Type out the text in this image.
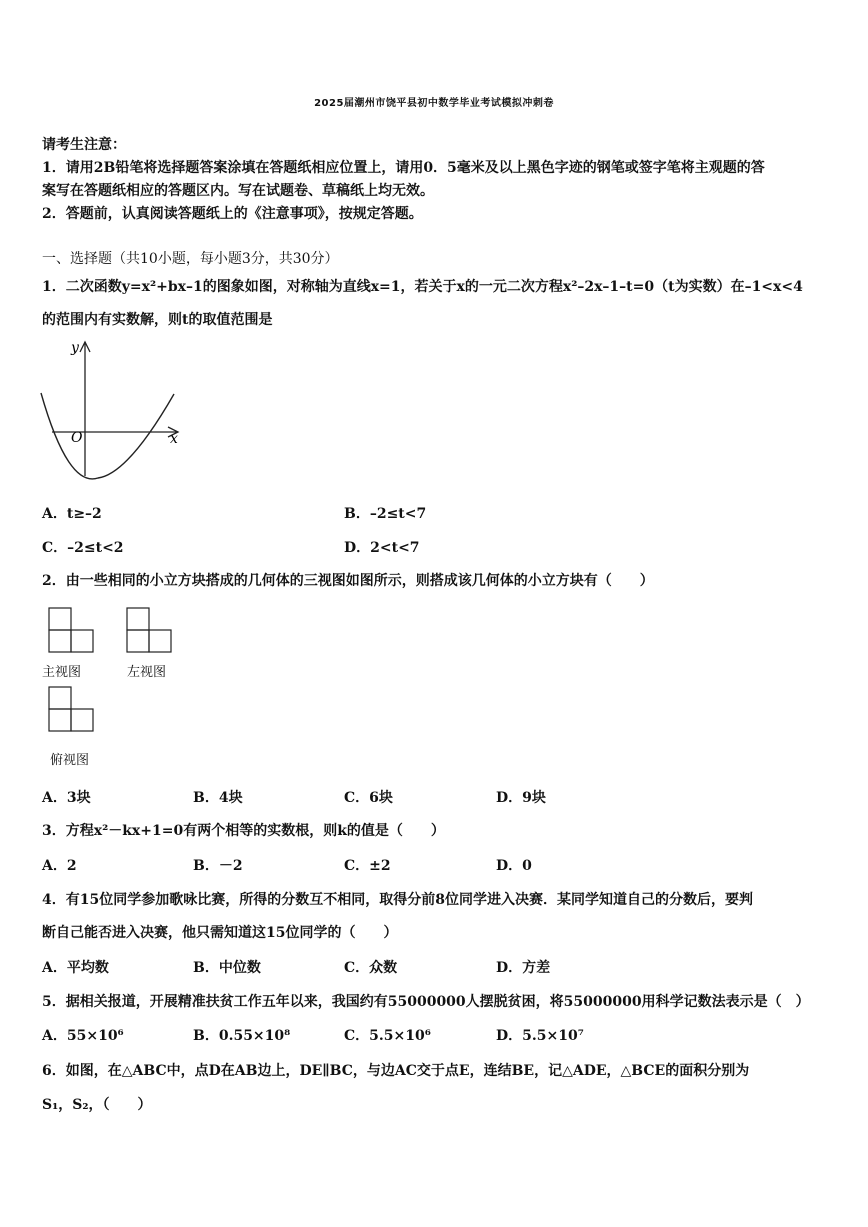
2025届潮州市饶平县初中数学毕业考试模拟冲刺卷
请考生注意：
1．请用2B铅笔将选择题答案涂填在答题纸相应位置上，请用0．5毫米及以上黑色字迹的钢笔或签字笔将主观题的答
案写在答题纸相应的答题区内。写在试题卷、草稿纸上均无效。
2．答题前，认真阅读答题纸上的《注意事项》，按规定答题。
一、选择题（共10小题，每小题3分，共30分）
1．二次函数y=x²+bx–1的图象如图，对称轴为直线x=1，若关于x的一元二次方程x²–2x–1–t=0（t为实数）在–1<x<4
的范围内有实数解，则t的取值范围是
y
x
O
A．t≥–2	B．–2≤t<7
C．–2≤t<2	D．2<t<7
2．由一些相同的小立方块搭成的几何体的三视图如图所示，则搭成该几何体的小立方块有（　　）
主视图	左视图
俯视图
A．3块	B．4块	C．6块	D．9块
3．方程x²－kx+1=0有两个相等的实数根，则k的值是（　　）
A．2	B．－2	C．±2	D．0
4．有15位同学参加歌咏比赛，所得的分数互不相同，取得分前8位同学进入决赛．某同学知道自己的分数后，要判
断自己能否进入决赛，他只需知道这15位同学的（　　）
A．平均数	B．中位数	C．众数	D．方差
5．据相关报道，开展精准扶贫工作五年以来，我国约有55000000人摆脱贫困，将55000000用科学记数法表示是（　）
A．55×10⁶	B．0.55×10⁸	C．5.5×10⁶	D．5.5×10⁷
6．如图，在△ABC中，点D在AB边上，DE∥BC，与边AC交于点E，连结BE，记△ADE，△BCE的面积分别为
S₁，S₂，（　　）
